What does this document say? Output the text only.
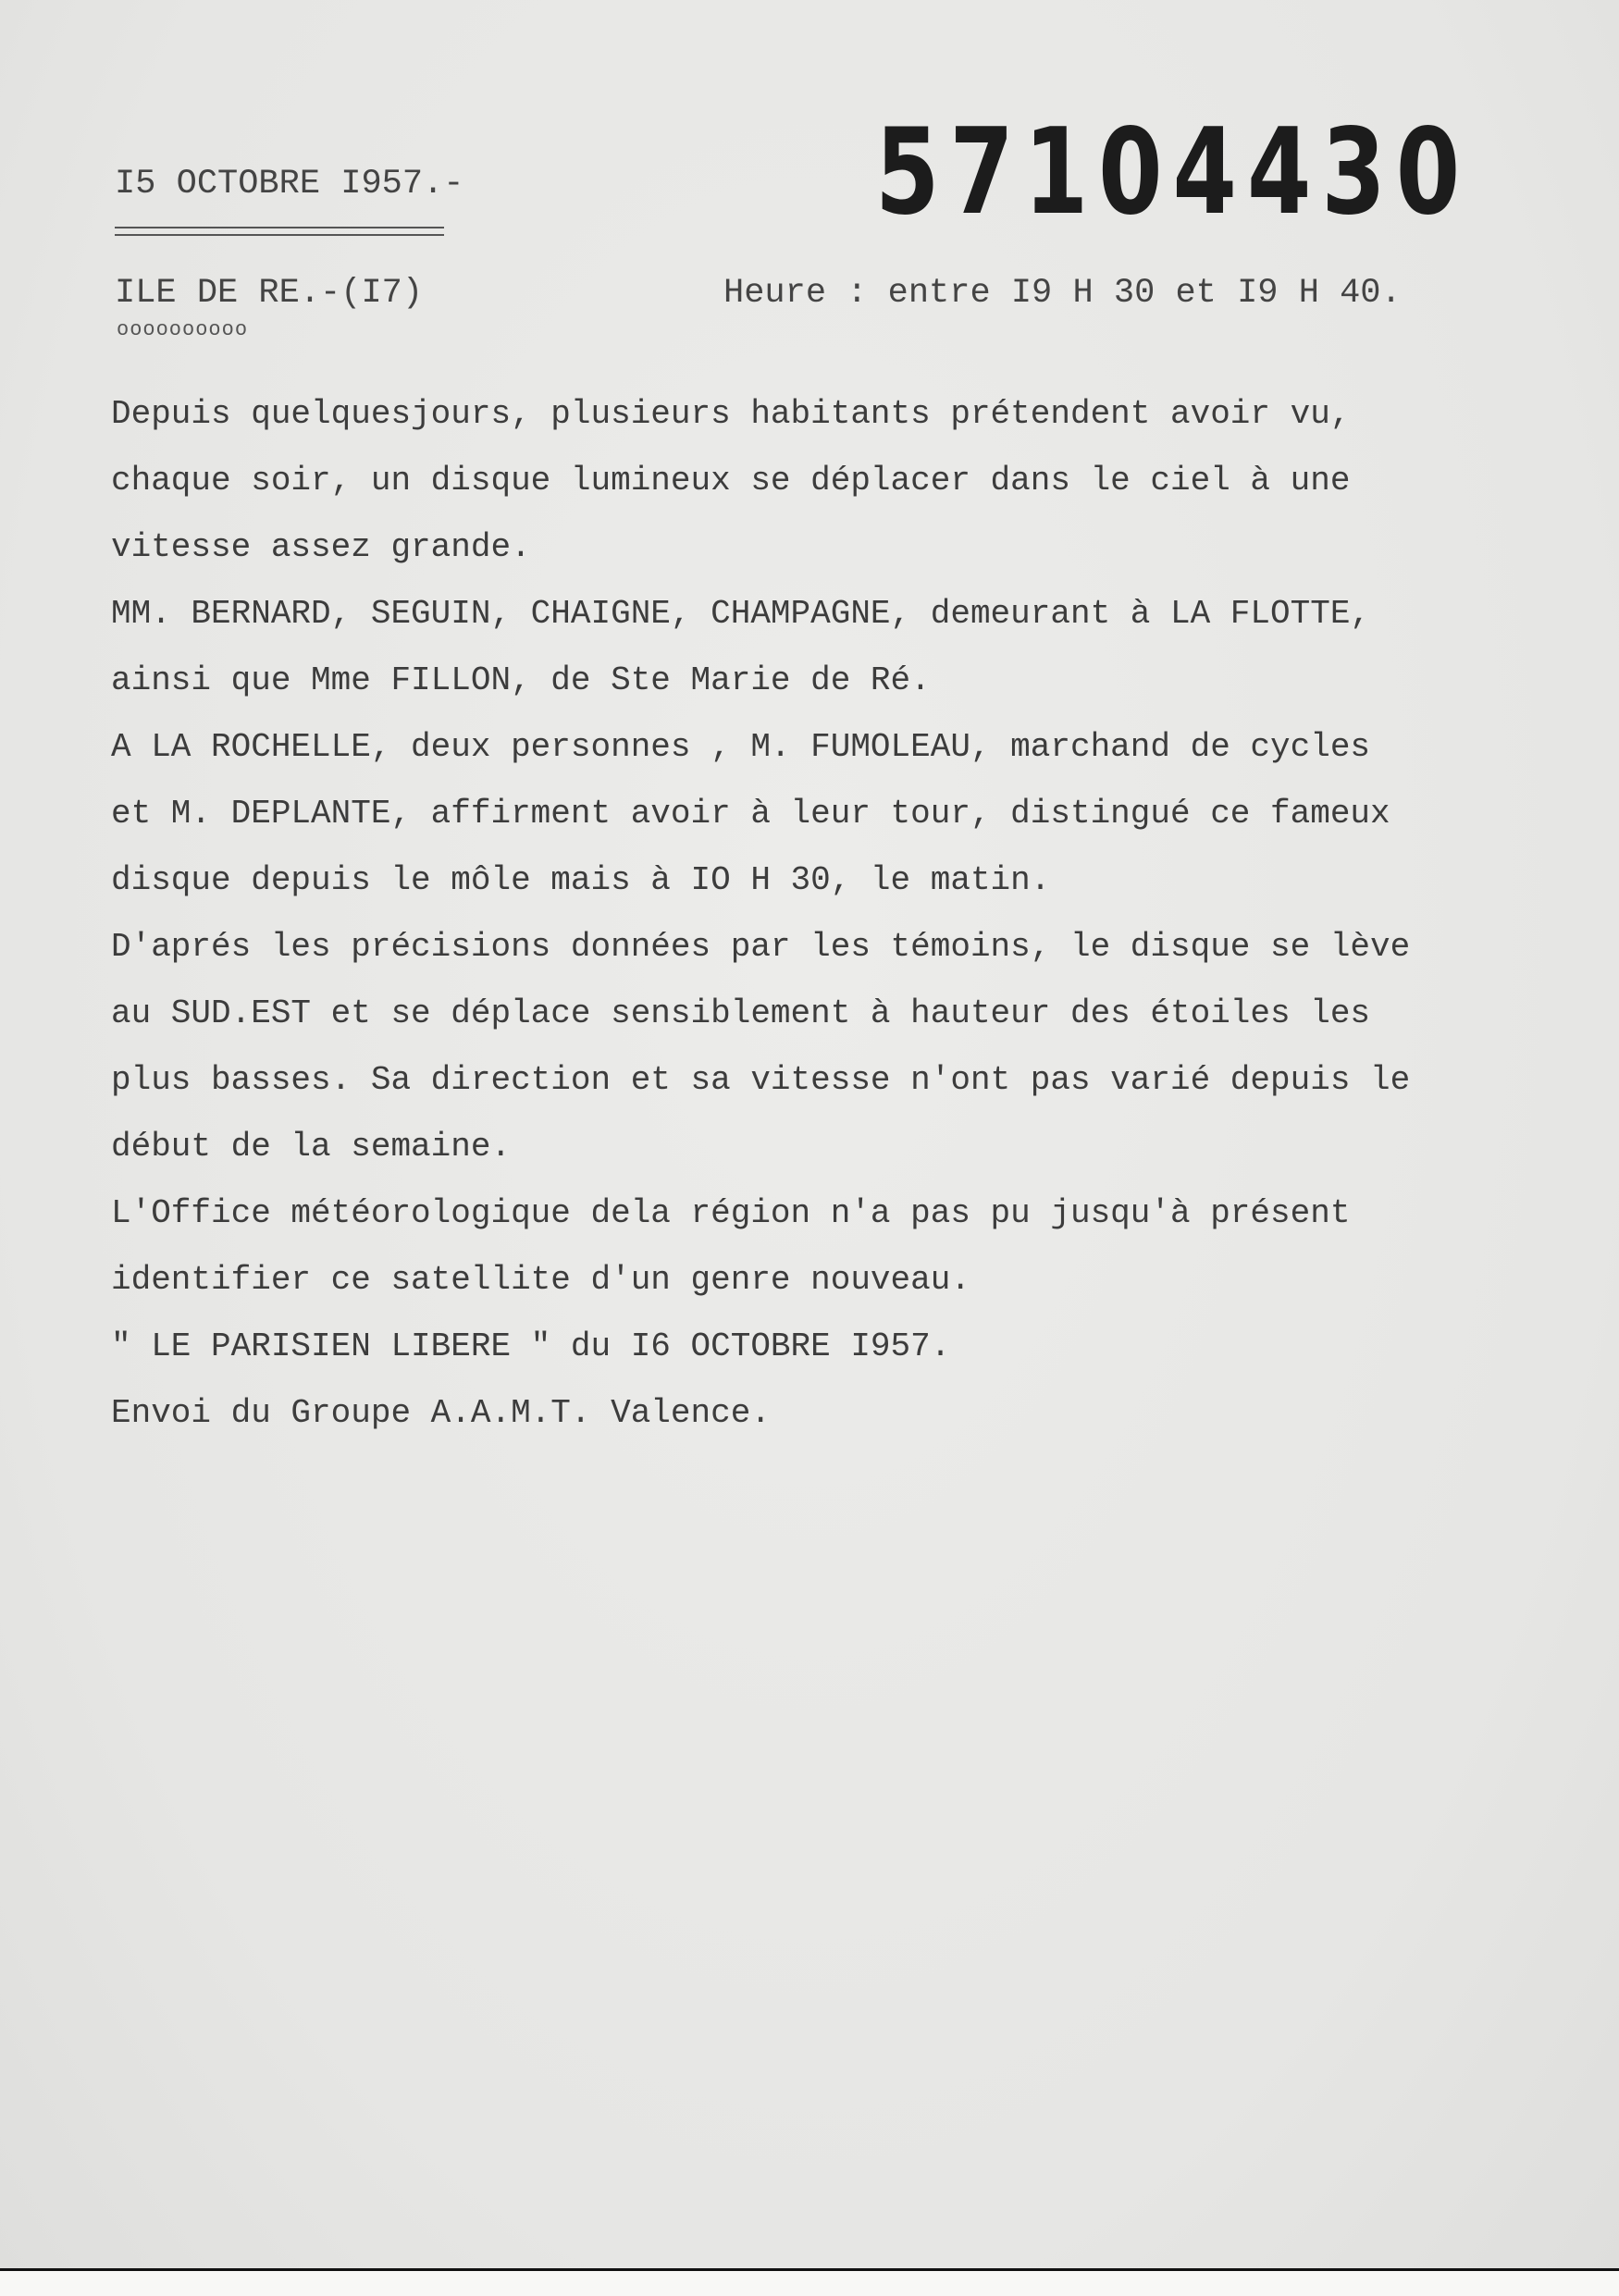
I5 OCTOBRE I957.-	57104430
ILE DE RE.-(I7)
oooooooooo
Heure : entre I9 H 30 et I9 H 40.
Depuis quelquesjours, plusieurs habitants prétendent avoir vu,
chaque soir, un disque lumineux se déplacer dans le ciel à une
vitesse assez grande.
MM. BERNARD, SEGUIN, CHAIGNE, CHAMPAGNE, demeurant à LA FLOTTE,
ainsi que Mme FILLON, de Ste Marie de Ré.
A LA ROCHELLE, deux personnes , M. FUMOLEAU, marchand de cycles
et M. DEPLANTE, affirment avoir à leur tour, distingué ce fameux
disque depuis le môle mais à IO H 30, le matin.
D'aprés les précisions données par les témoins, le disque se lève
au SUD.EST et se déplace sensiblement à hauteur des étoiles les
plus basses. Sa direction et sa vitesse n'ont pas varié depuis le
début de la semaine.
L'Office météorologique dela région n'a pas pu jusqu'à présent
identifier ce satellite d'un genre nouveau.
" LE PARISIEN LIBERE " du I6 OCTOBRE I957.
Envoi du Groupe A.A.M.T. Valence.
